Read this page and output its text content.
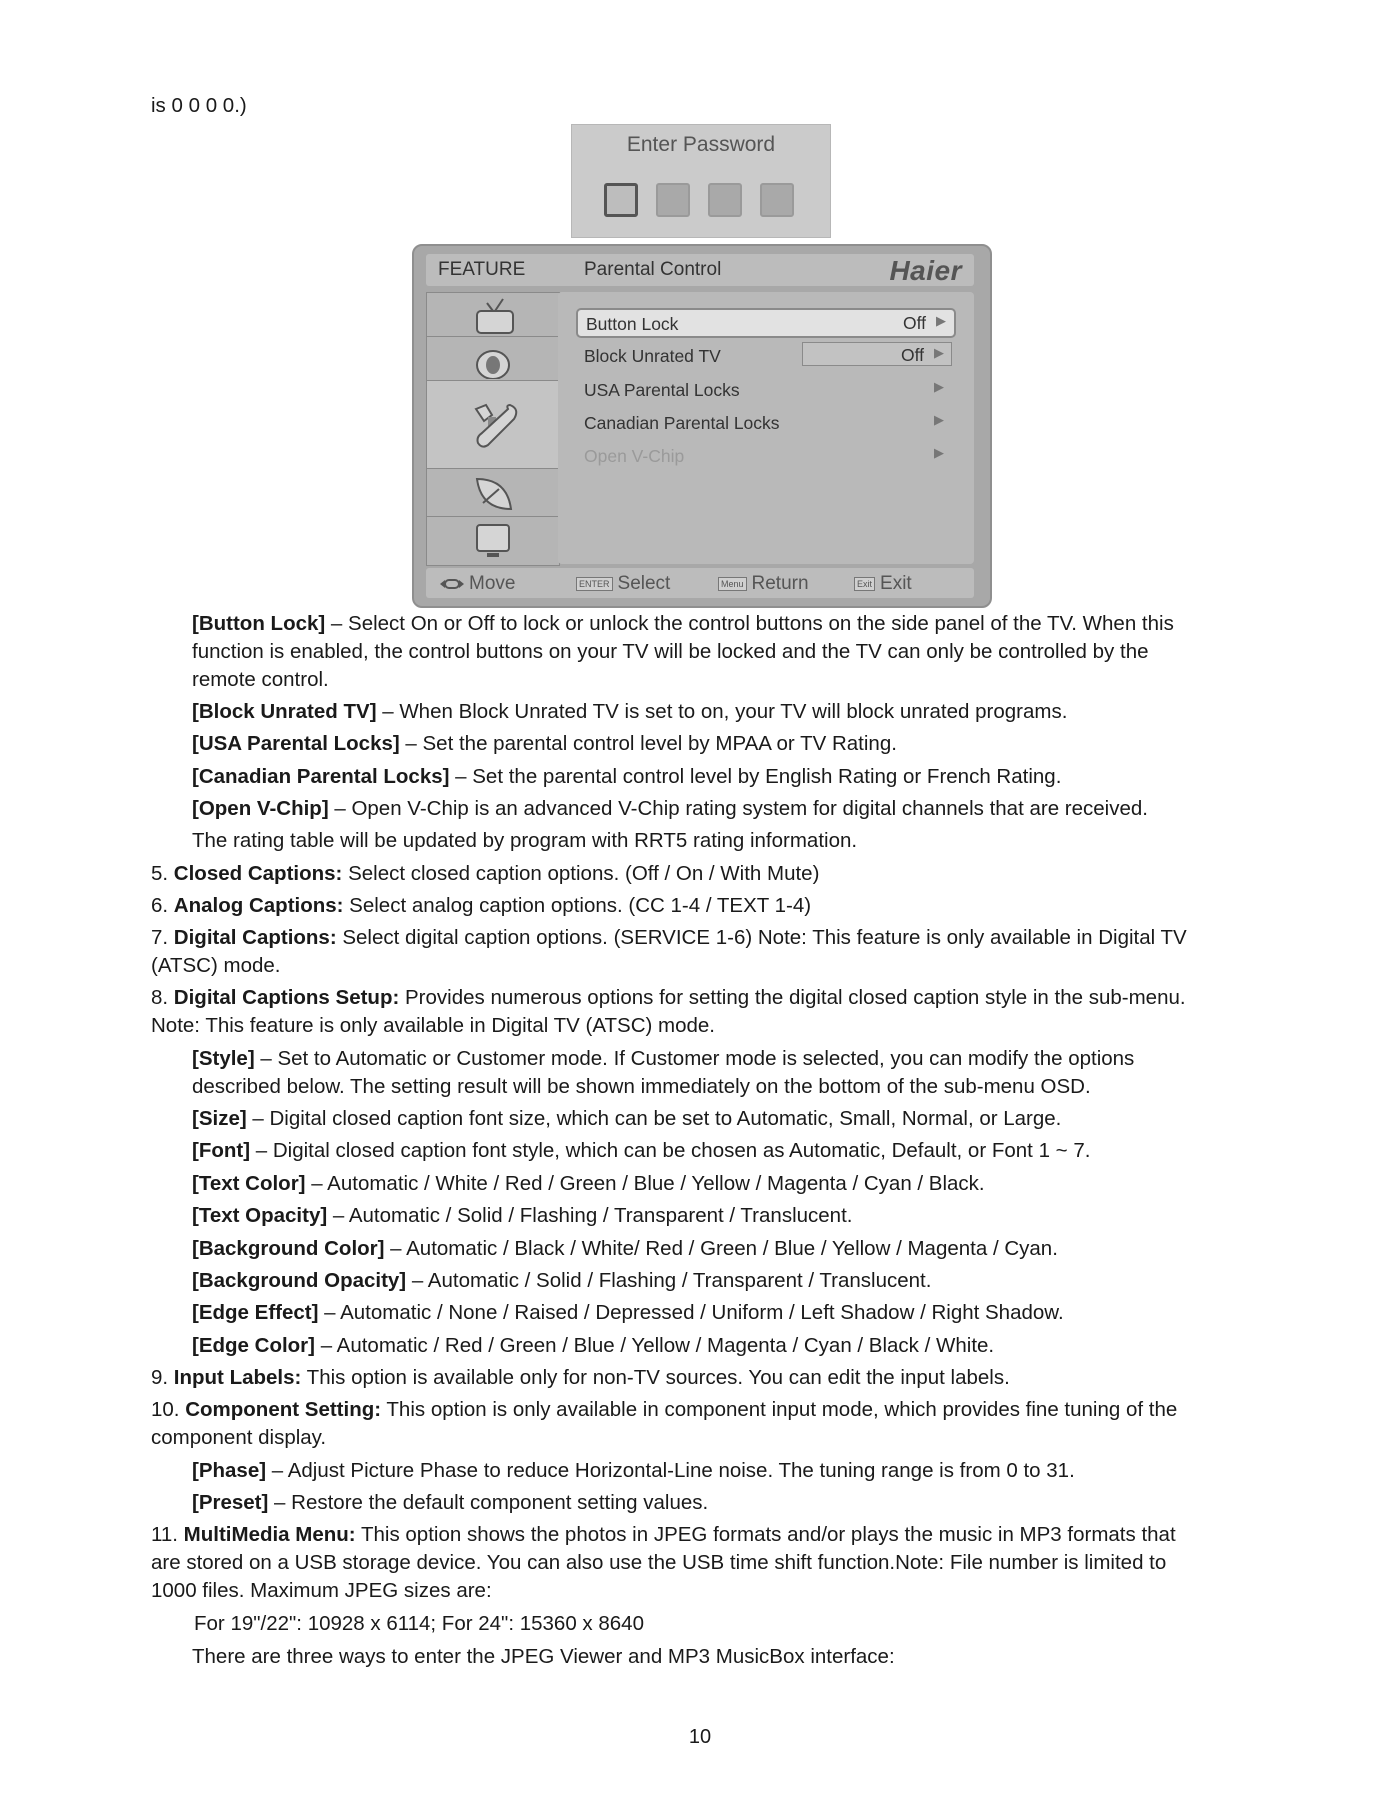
is 0 0 0 0.)
Enter Password
FEATURE	Parental Control	Haier
Button Lock	Off ▶
Block Unrated TV	Off ▶
USA Parental Locks	▶
Canadian Parental Locks	▶
Open V-Chip	▶
Move	ENTER Select	Menu Return	Exit Exit
[Button Lock] – Select On or Off to lock or unlock the control buttons on the side panel of the TV. When this
function is enabled, the control buttons on your TV will be locked and the TV can only be controlled by the
remote control.
[Block Unrated TV] – When Block Unrated TV is set to on, your TV will block unrated programs.
[USA Parental Locks] – Set the parental control level by MPAA or TV Rating.
[Canadian Parental Locks] – Set the parental control level by English Rating or French Rating.
[Open V-Chip] – Open V-Chip is an advanced V-Chip rating system for digital channels that are received.
The rating table will be updated by program with RRT5 rating information.
5. Closed Captions: Select closed caption options. (Off / On / With Mute)
6. Analog Captions: Select analog caption options. (CC 1-4 / TEXT 1-4)
7. Digital Captions: Select digital caption options. (SERVICE 1-6) Note: This feature is only available in Digital TV
(ATSC) mode.
8. Digital Captions Setup: Provides numerous options for setting the digital closed caption style in the sub-menu.
Note: This feature is only available in Digital TV (ATSC) mode.
[Style] – Set to Automatic or Customer mode. If Customer mode is selected, you can modify the options
described below. The setting result will be shown immediately on the bottom of the sub-menu OSD.
[Size] – Digital closed caption font size, which can be set to Automatic, Small, Normal, or Large.
[Font] – Digital closed caption font style, which can be chosen as Automatic, Default, or Font 1 ~ 7.
[Text Color] – Automatic / White / Red / Green / Blue / Yellow / Magenta / Cyan / Black.
[Text Opacity] – Automatic / Solid / Flashing / Transparent / Translucent.
[Background Color] – Automatic / Black / White/ Red / Green / Blue / Yellow / Magenta / Cyan.
[Background Opacity] – Automatic / Solid / Flashing / Transparent / Translucent.
[Edge Effect] – Automatic / None / Raised / Depressed / Uniform / Left Shadow / Right Shadow.
[Edge Color] – Automatic / Red / Green / Blue / Yellow / Magenta / Cyan / Black / White.
9. Input Labels: This option is available only for non-TV sources. You can edit the input labels.
10. Component Setting: This option is only available in component input mode, which provides fine tuning of the
component display.
[Phase] – Adjust Picture Phase to reduce Horizontal-Line noise. The tuning range is from 0 to 31.
[Preset] – Restore the default component setting values.
11. MultiMedia Menu: This option shows the photos in JPEG formats and/or plays the music in MP3 formats that
are stored on a USB storage device. You can also use the USB time shift function.Note: File number is limited to
1000 files. Maximum JPEG sizes are:
For 19"/22": 10928 x 6114; For 24": 15360 x 8640
There are three ways to enter the JPEG Viewer and MP3 MusicBox interface:
10
